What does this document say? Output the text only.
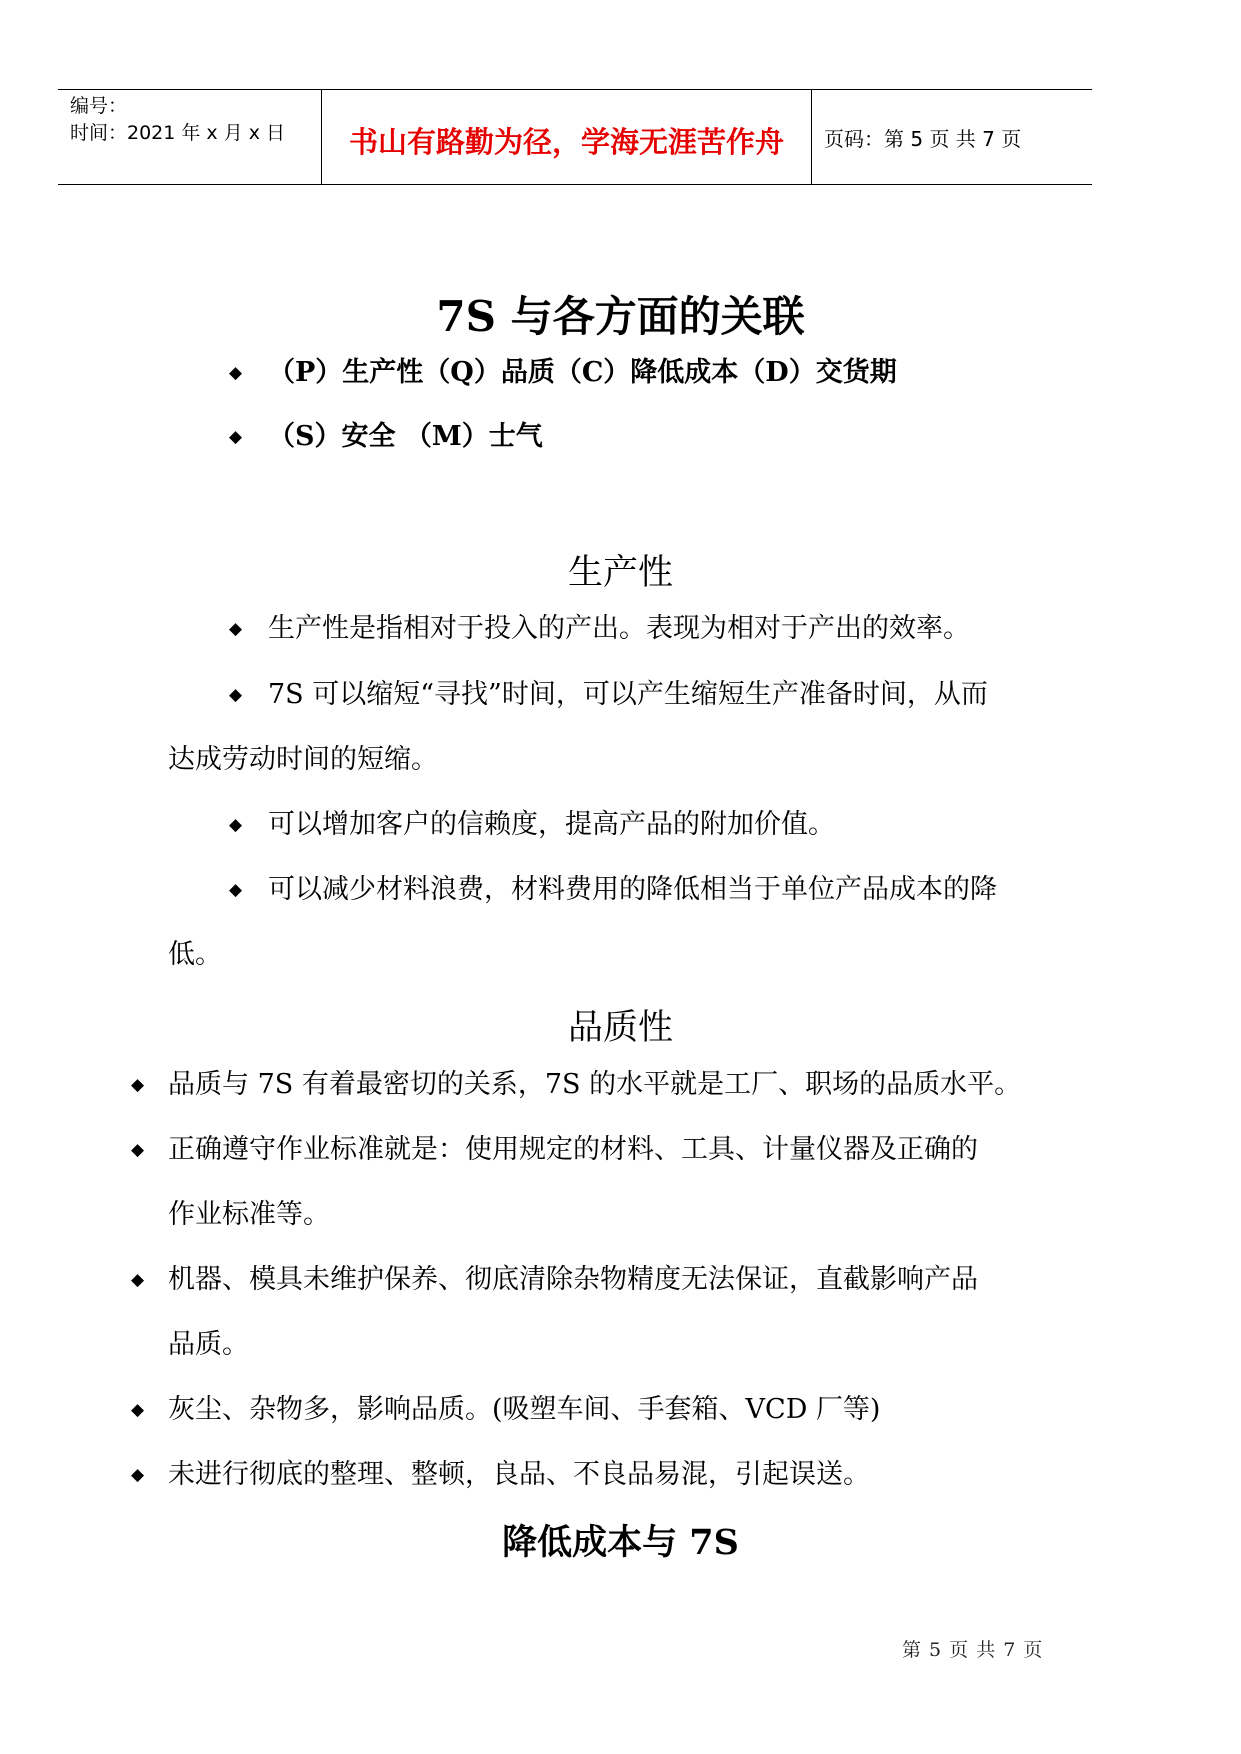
编号：
时间：2021 年 x 月 x 日	书山有路勤为径，学海无涯苦作舟	页码：第 5 页 共 7 页
7S 与各方面的关联
◆ （P）生产性（Q）品质（C）降低成本（D）交货期
◆ （S）安全 （M）士气
生产性
◆ 生产性是指相对于投入的产出。表现为相对于产出的效率。
◆ 7S 可以缩短“寻找”时间，可以产生缩短生产准备时间，从而
达成劳动时间的短缩。
◆ 可以增加客户的信赖度，提高产品的附加价值。
◆ 可以减少材料浪费，材料费用的降低相当于单位产品成本的降
低。
品质性
◆ 品质与 7S 有着最密切的关系，7S 的水平就是工厂、职场的品质水平。
◆ 正确遵守作业标准就是：使用规定的材料、工具、计量仪器及正确的
作业标准等。
◆ 机器、模具未维护保养、彻底清除杂物精度无法保证，直截影响产品
品质。
◆ 灰尘、杂物多，影响品质。(吸塑车间、手套箱、VCD 厂等)
◆ 未进行彻底的整理、整顿，良品、不良品易混，引起误送。
降低成本与 7S
第 5 页 共 7 页
